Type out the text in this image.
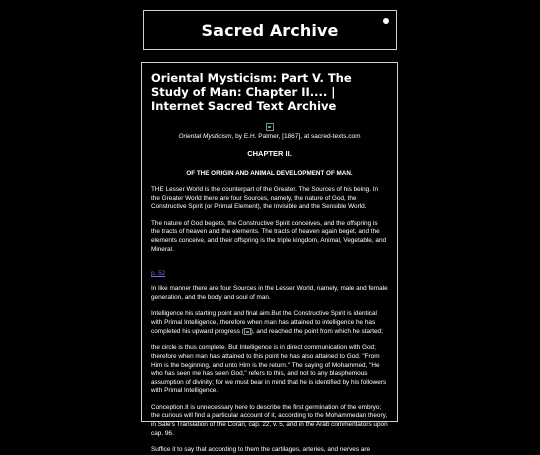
Sacred Archive
Oriental Mysticism: Part V. The Study of Man: Chapter II.... | Internet Sacred Text Archive
Oriental Mysticism, by E.H. Palmer, [1867], at sacred-texts.com
CHAPTER II.
OF THE ORIGIN AND ANIMAL DEVELOPMENT OF MAN.

THE Lesser World is the counterpart of the Greater. The Sources of his being. In the Greater World there are four Sources, namely, the nature of God, the Constructive Spirit (or Primal Element), the Invisible and the Sensible World.

The nature of God begets, the Constructive Spirit conceives, and the offspring is the tracts of heaven and the elements. The tracts of heaven again beget, and the elements conceive, and their offspring is the triple kingdom, Animal, Vegetable, and Mineral.

p. 52

In like manner there are four Sources in the Lesser World, namely, male and female generation, and the body and soul of man.

Intelligence his starting point and final aim.But the Constructive Spirit is identical with Primal Intelligence, therefore when man has attained to intelligence he has completed his upward progress ( ), and reached the point from which he started;

the circle is thus complete. But Intelligence is in direct communication with God; therefore when man has attained to this point he has also attained to God. "From Him is the beginning, and unto Him is the return." The saying of Mohammed, "He who has seen me has seen God," refers to this, and not to any blasphemous assumption of divinity; for we must bear in mind that he is identified by his followers with Primal Intelligence.

Conception.It is unnecessary here to describe the first germination of the embryo; the curious will find a particular account of it, according to the Mohammedan theory, in Sale's Translation of the Corân, cap. 22, v. 5, and in the Arab commentators upon cap. 96.

Suffice it to say that according to them the cartilages, arteries, and nerves are
